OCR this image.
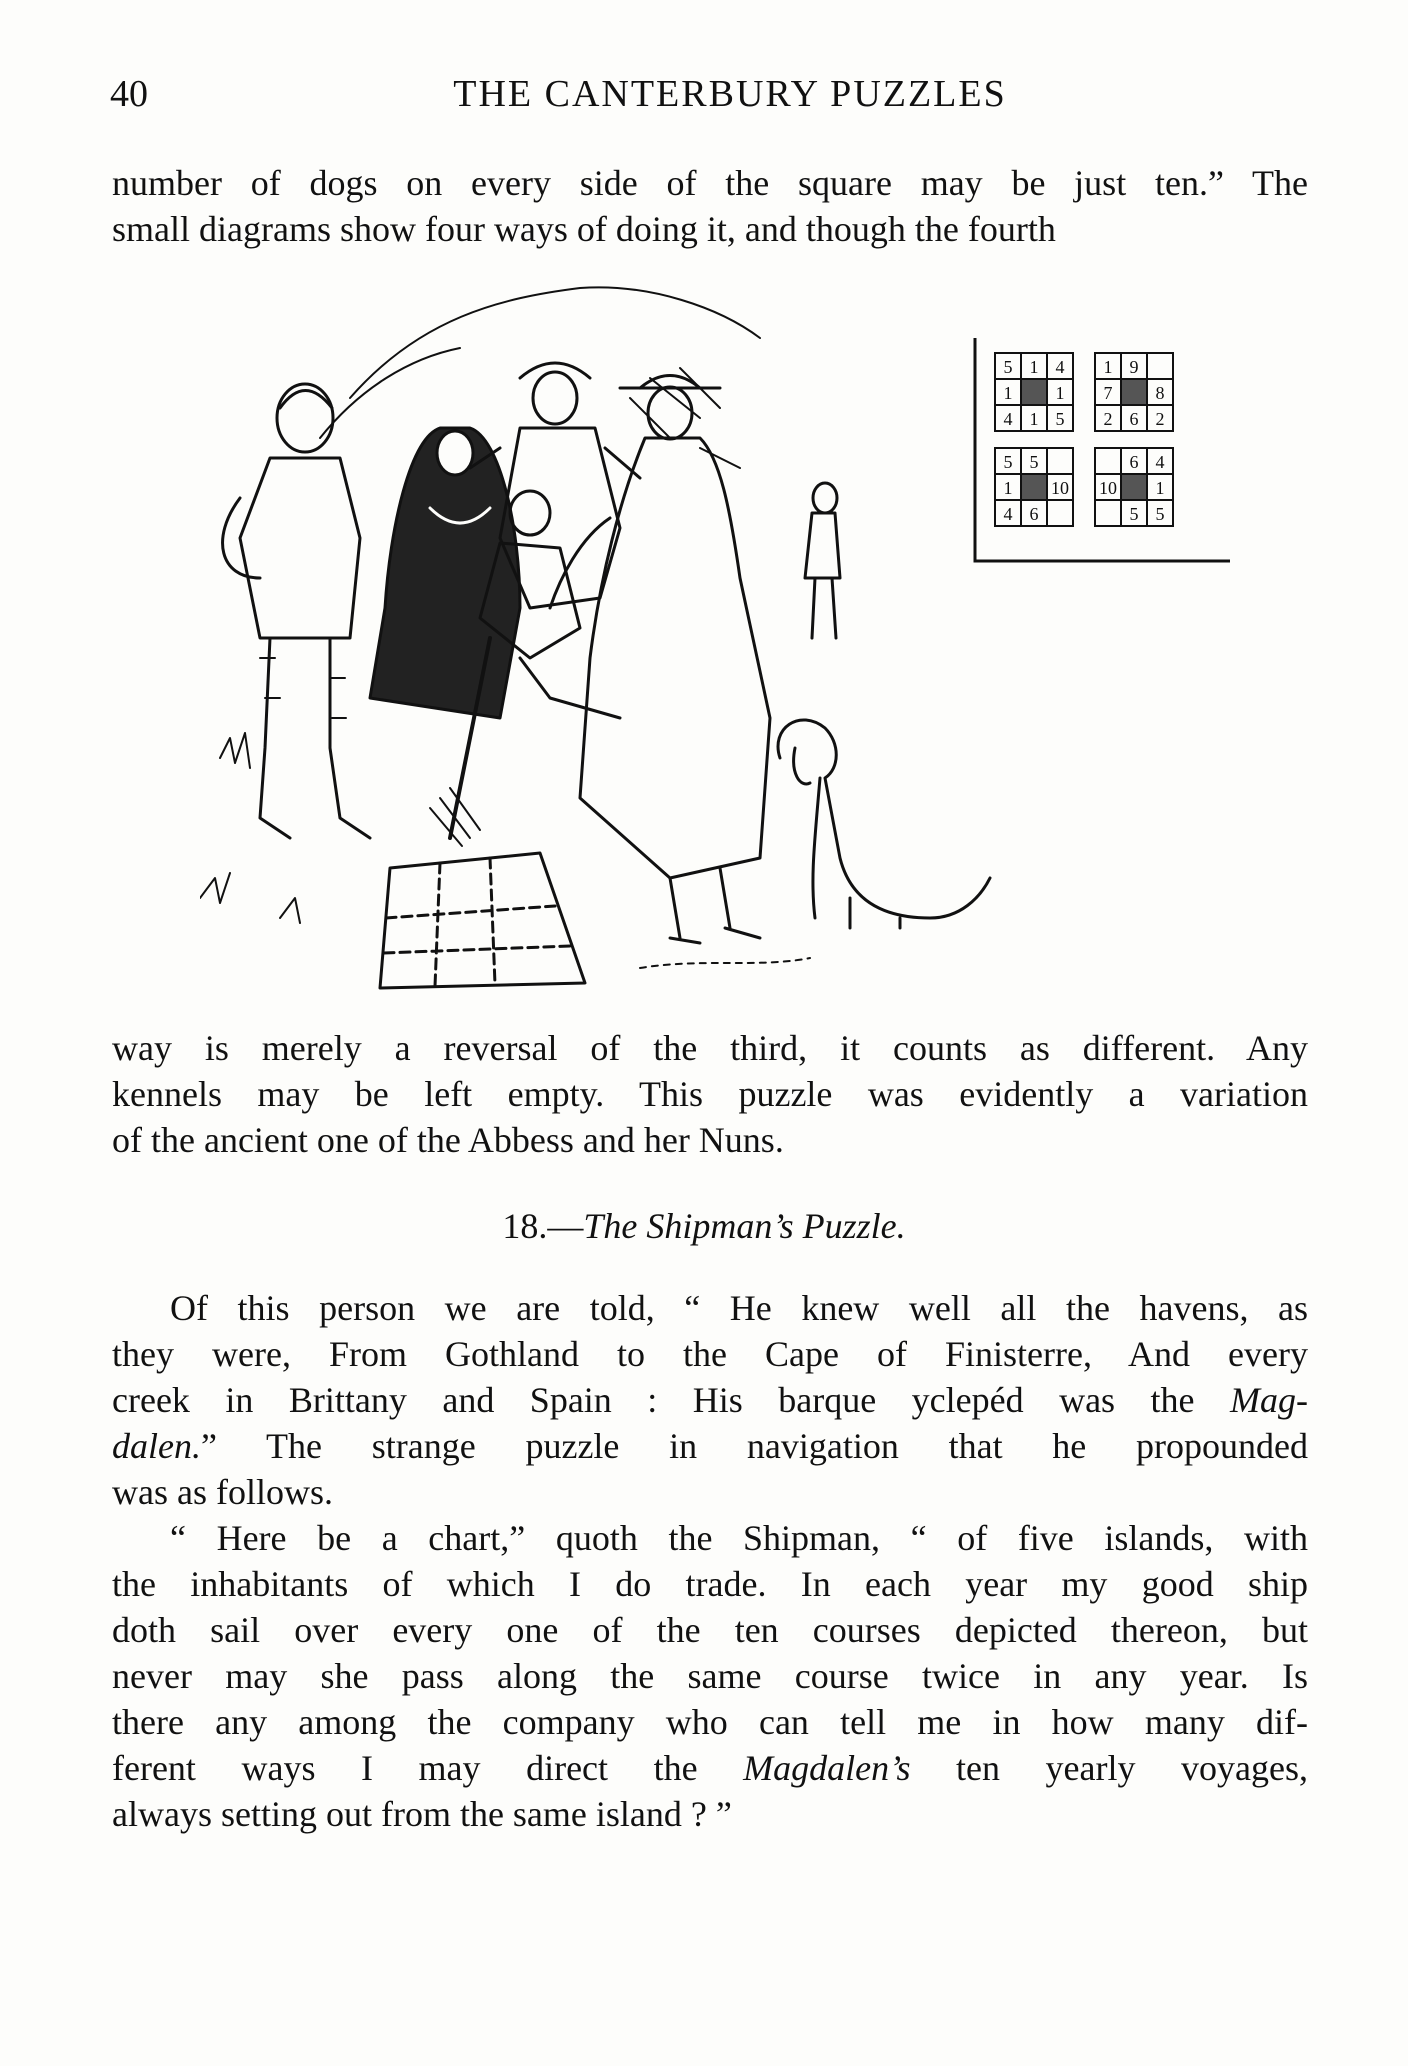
40	THE CANTERBURY PUZZLES
number of dogs on every side of the square may be just ten.” The
small diagrams show four ways of doing it, and though the fourth
5 1 4
1 1
4 1 5
1 9
7 8
2 6 2
5 5
1 10
4 6
6 4
10 1
5 5
way is merely a reversal of the third, it counts as different. Any
kennels may be left empty. This puzzle was evidently a variation
of the ancient one of the Abbess and her Nuns.
18.—The Shipman’s Puzzle.
Of this person we are told, “ He knew well all the havens, as
they were, From Gothland to the Cape of Finisterre, And every
creek in Brittany and Spain : His barque yclepéd was the Mag-
dalen.” The strange puzzle in navigation that he propounded
was as follows.
“ Here be a chart,” quoth the Shipman, “ of five islands, with
the inhabitants of which I do trade. In each year my good ship
doth sail over every one of the ten courses depicted thereon, but
never may she pass along the same course twice in any year. Is
there any among the company who can tell me in how many dif-
ferent ways I may direct the Magdalen’s ten yearly voyages,
always setting out from the same island ? ”
